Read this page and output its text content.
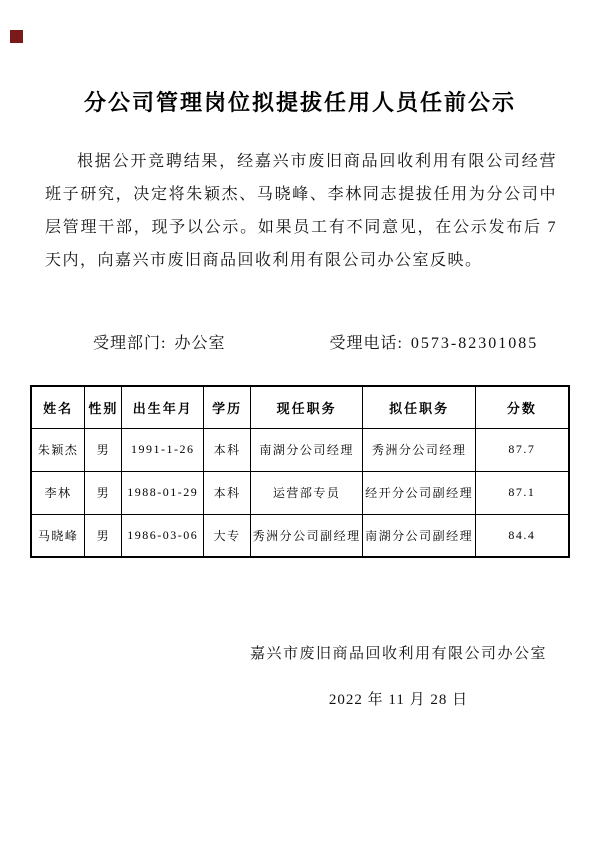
分公司管理岗位拟提拔任用人员任前公示
根据公开竞聘结果，经嘉兴市废旧商品回收利用有限公司经营
班子研究，决定将朱颖杰、马晓峰、李林同志提拔任用为分公司中
层管理干部，现予以公示。如果员工有不同意见，在公示发布后 7
天内，向嘉兴市废旧商品回收利用有限公司办公室反映。
受理部门: 办公室	受理电话: 0573-82301085
姓名	性别	出生年月	学历	现任职务	拟任职务	分数
朱颖杰	男	1991-1-26	本科	南湖分公司经理	秀洲分公司经理	87.7
李林	男	1988-01-29	本科	运营部专员	经开分公司副经理	87.1
马晓峰	男	1986-03-06	大专	秀洲分公司副经理	南湖分公司副经理	84.4
嘉兴市废旧商品回收利用有限公司办公室
2022 年 11 月 28 日
